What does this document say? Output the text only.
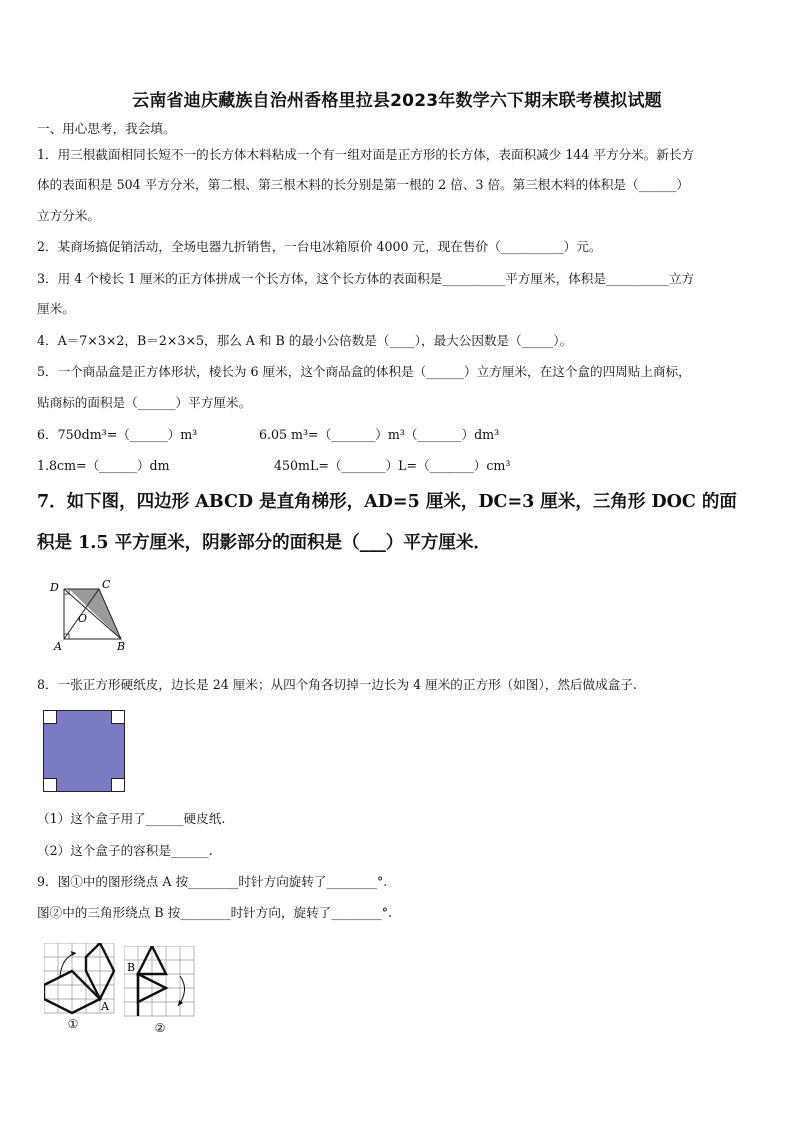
云南省迪庆藏族自治州香格里拉县2023年数学六下期末联考模拟试题
一、用心思考，我会填。
1．用三根截面相同长短不一的长方体木料粘成一个有一组对面是正方形的长方体，表面积减少 144 平方分米。新长方
体的表面积是 504 平方分米，第二根、第三根木料的长分别是第一根的 2 倍、3 倍。第三根木料的体积是（______）
立方分米。
2．某商场搞促销活动，全场电器九折销售，一台电冰箱原价 4000 元，现在售价（__________）元。
3．用 4 个棱长 1 厘米的正方体拼成一个长方体，这个长方体的表面积是__________平方厘米，体积是__________立方
厘米。
4．A＝7×3×2，B＝2×3×5，那么 A 和 B 的最小公倍数是（____），最大公因数是（_____）。
5．一个商品盒是正方体形状，棱长为 6 厘米，这个商品盒的体积是（______）立方厘米，在这个盒的四周贴上商标，
贴商标的面积是（______）平方厘米。
6．750dm³=（______）m³	6.05 m³=（_______）m³（_______）dm³
1.8cm=（______）dm	450mL=（_______）L=（_______）cm³
7．如下图，四边形 ABCD 是直角梯形，AD=5 厘米，DC=3 厘米，三角形 DOC 的面
积是 1.5 平方厘米，阴影部分的面积是（___）平方厘米．
D	C
O
A	B
8．一张正方形硬纸皮，边长是 24 厘米；从四个角各切掉一边长为 4 厘米的正方形（如图），然后做成盒子.
（1）这个盒子用了______硬皮纸.
（2）这个盒子的容积是______.
9．图①中的图形绕点 A 按________时针方向旋转了________°.
图②中的三角形绕点 B 按________时针方向，旋转了________°.
A
①
B
②
